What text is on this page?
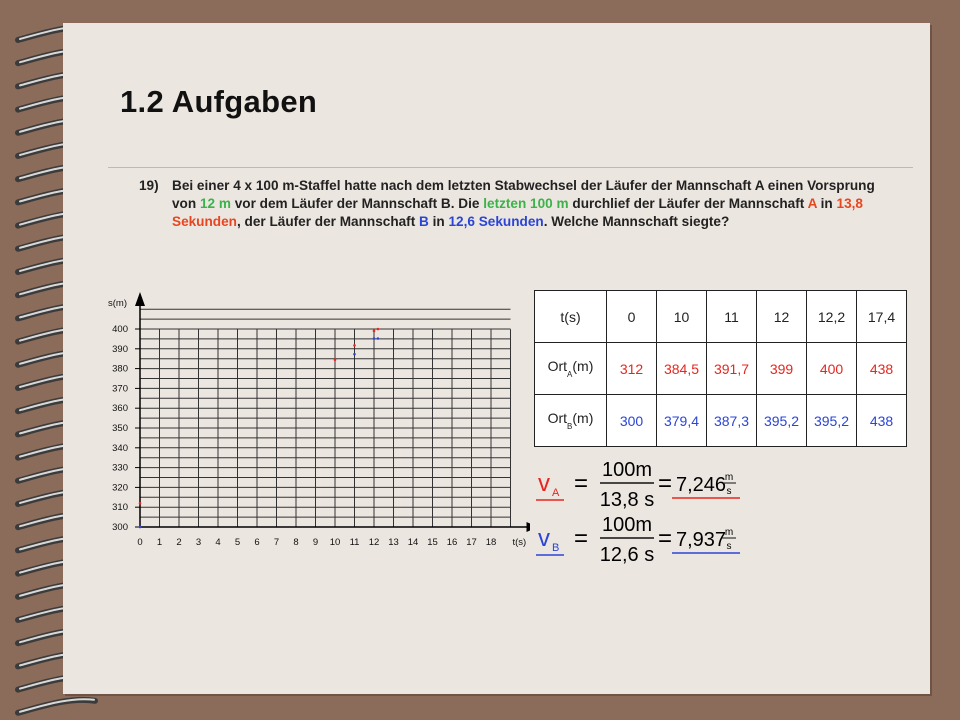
1.2 Aufgaben
19) Bei einer 4 x 100 m-Staffel hatte nach dem letzten Stabwechsel der Läufer der Mannschaft A einen Vorsprung von 12 m vor dem Läufer der Mannschaft B. Die letzten 100 m durchlief der Läufer der Mannschaft A in 13,8 Sekunden, der Läufer der Mannschaft B in 12,6 Sekunden. Welche Mannschaft siegte?
0 1 2 3 4 5 6 7 8 9 10 11 12 13 14 15 16 17 18
300
310
320
330
340
350
360
370
380
390
400
t(s)
s(m)
t(s)	0	10	11	12	12,2	17,4
Ort$_A$(m)	312	384,5	391,7	399	400	438
Ort$_B$(m)	300	379,4	387,3	395,2	395,2	438
v A = 100m
13,8 s
= 7,246
m
s
v B = 100m
12,6 s
= 7,937
m
s
